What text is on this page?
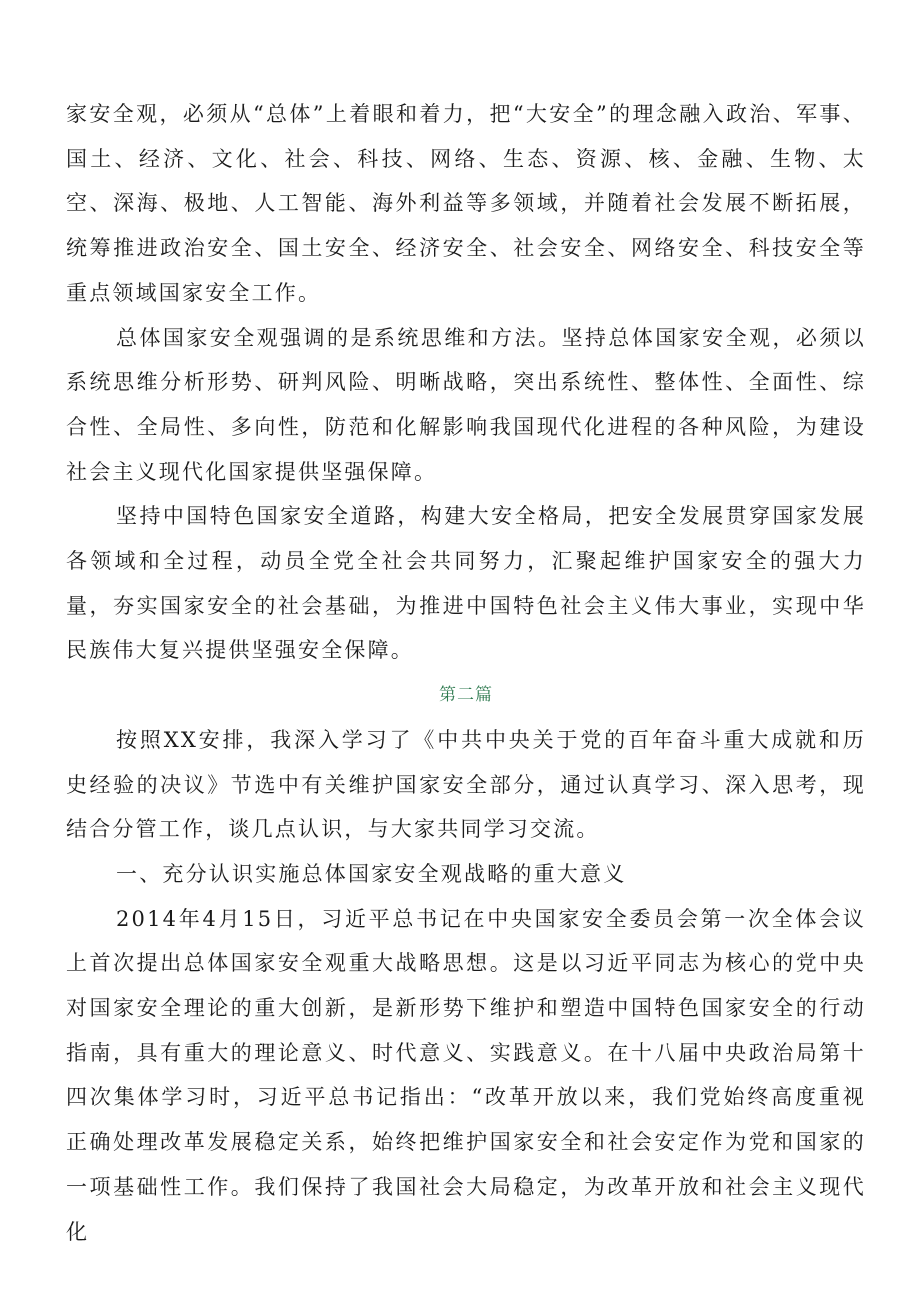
家安全观，必须从“总体”上着眼和着力，把“大安全”的理念融入政治、军事、国土、经济、文化、社会、科技、网络、生态、资源、核、金融、生物、太空、深海、极地、人工智能、海外利益等多领域，并随着社会发展不断拓展，统筹推进政治安全、国土安全、经济安全、社会安全、网络安全、科技安全等重点领域国家安全工作。

总体国家安全观强调的是系统思维和方法。坚持总体国家安全观，必须以系统思维分析形势、研判风险、明晰战略，突出系统性、整体性、全面性、综合性、全局性、多向性，防范和化解影响我国现代化进程的各种风险，为建设社会主义现代化国家提供坚强保障。

坚持中国特色国家安全道路，构建大安全格局，把安全发展贯穿国家发展各领域和全过程，动员全党全社会共同努力，汇聚起维护国家安全的强大力量，夯实国家安全的社会基础，为推进中国特色社会主义伟大事业，实现中华民族伟大复兴提供坚强安全保障。

第二篇

按照XX安排，我深入学习了《中共中央关于党的百年奋斗重大成就和历史经验的决议》节选中有关维护国家安全部分，通过认真学习、深入思考，现结合分管工作，谈几点认识，与大家共同学习交流。

一、充分认识实施总体国家安全观战略的重大意义

2014年4月15日，习近平总书记在中央国家安全委员会第一次全体会议上首次提出总体国家安全观重大战略思想。这是以习近平同志为核心的党中央对国家安全理论的重大创新，是新形势下维护和塑造中国特色国家安全的行动指南，具有重大的理论意义、时代意义、实践意义。在十八届中央政治局第十四次集体学习时，习近平总书记指出：“改革开放以来，我们党始终高度重视正确处理改革发展稳定关系，始终把维护国家安全和社会安定作为党和国家的一项基础性工作。我们保持了我国社会大局稳定，为改革开放和社会主义现代化
